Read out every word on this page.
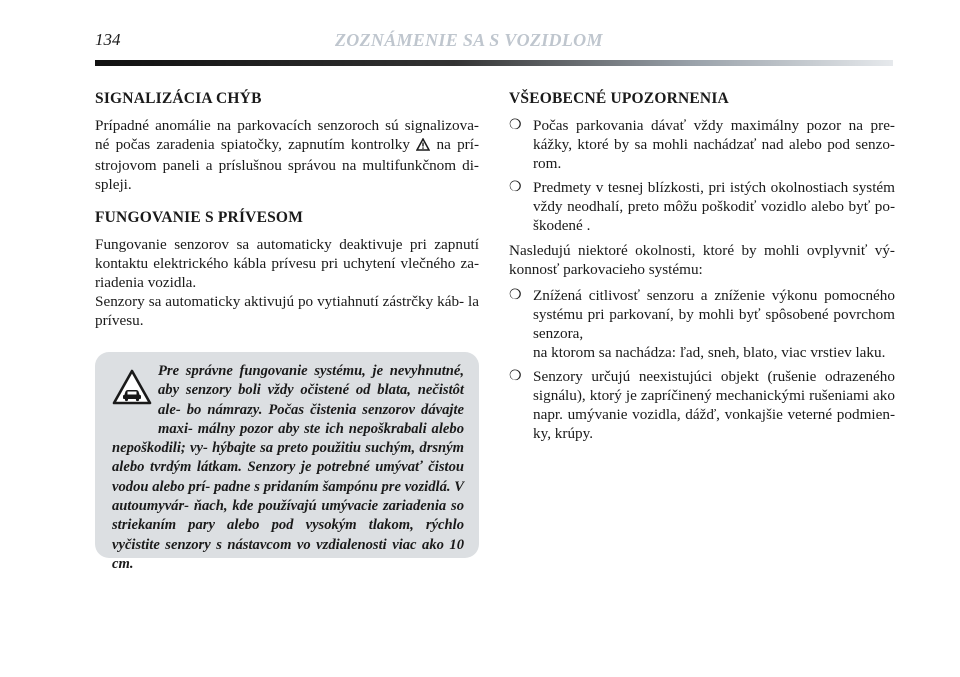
134	ZOZNÁMENIE SA S VOZIDLOM
SIGNALIZÁCIA CHÝB

Prípadné anomálie na parkovacích senzoroch sú signalizova- né počas zaradenia spiatočky, zapnutím kontrolky na prí- strojovom paneli a príslušnou správou na multifunkčnom di- spleji.

FUNGOVANIE S PRÍVESOM

Fungovanie senzorov sa automaticky deaktivuje pri zapnutí kontaktu elektrického kábla prívesu pri uchytení vlečného za- riadenia vozidla.

Senzory sa automaticky aktivujú po vytiahnutí zástrčky káb- la prívesu.

Pre správne fungovanie systému, je nevyhnutné, aby senzory boli vždy očistené od blata, nečistôt ale- bo námrazy. Počas čistenia senzorov dávajte maxi- málny pozor aby ste ich nepoškrabali alebo nepoškodili; vy- hýbajte sa preto použitiu suchým, drsným alebo tvrdým látkam. Senzory je potrebné umývať čistou vodou alebo prí- padne s pridaním šampónu pre vozidlá. V autoumyvár- ňach, kde používajú umývacie zariadenia so striekaním pary alebo pod vysokým tlakom, rýchlo vyčistite senzory s nástavcom vo vzdialenosti viac ako 10 cm.
VŠEOBECNÉ UPOZORNENIA
❍ Počas parkovania dávať vždy maximálny pozor na pre- kážky, ktoré by sa mohli nachádzať nad alebo pod senzo- rom.
❍ Predmety v tesnej blízkosti, pri istých okolnostiach systém vždy neodhalí, preto môžu poškodiť vozidlo alebo byť po- škodené .

Nasledujú niektoré okolnosti, ktoré by mohli ovplyvniť vý- konnosť parkovacieho systému:

❍ Znížená citlivosť senzoru a zníženie výkonu pomocného systému pri parkovaní, by mohli byť spôsobené povrchom senzora,
na ktorom sa nachádza: ľad, sneh, blato, viac vrstiev laku.
❍ Senzory určujú neexistujúci objekt (rušenie odrazeného signálu), ktorý je zapríčinený mechanickými rušeniami ako napr. umývanie vozidla, dážď, vonkajšie veterné podmien- ky, krúpy.
